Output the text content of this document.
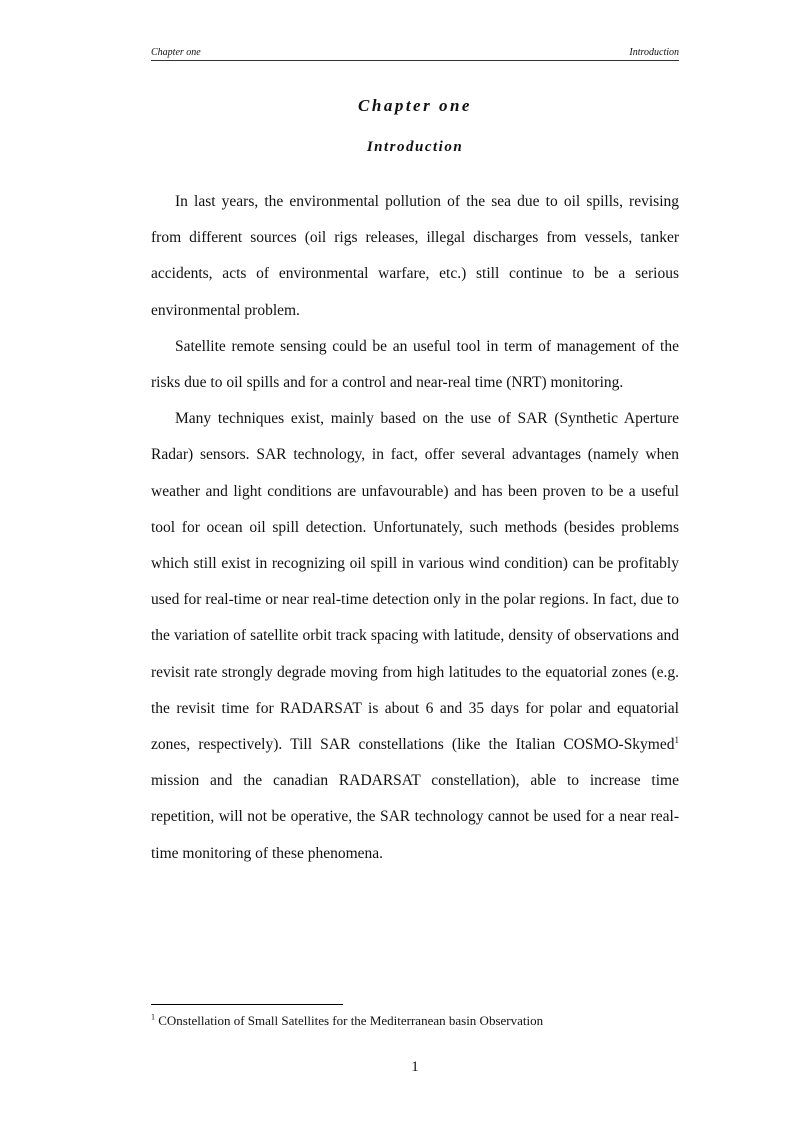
Chapter one	Introduction
Chapter one
Introduction

In last years, the environmental pollution of the sea due to oil spills, revising from different sources (oil rigs releases, illegal discharges from vessels, tanker accidents, acts of environmental warfare, etc.) still continue to be a serious environmental problem.

Satellite remote sensing could be an useful tool in term of management of the risks due to oil spills and for a control and near-real time (NRT) monitoring.

Many techniques exist, mainly based on the use of SAR (Synthetic Aperture Radar) sensors. SAR technology, in fact, offer several advantages (namely when weather and light conditions are unfavourable) and has been proven to be a useful tool for ocean oil spill detection. Unfortunately, such methods (besides problems which still exist in recognizing oil spill in various wind condition) can be profitably used for real-time or near real-time detection only in the polar regions. In fact, due to the variation of satellite orbit track spacing with latitude, density of observations and revisit rate strongly degrade moving from high latitudes to the equatorial zones (e.g. the revisit time for RADARSAT is about 6 and 35 days for polar and equatorial zones, respectively). Till SAR constellations (like the Italian COSMO-Skymed$^1$ mission and the canadian RADARSAT constellation), able to increase time repetition, will not be operative, the SAR technology cannot be used for a near real-time monitoring of these phenomena.

$^1$ COnstellation of Small Satellites for the Mediterranean basin Observation
1
